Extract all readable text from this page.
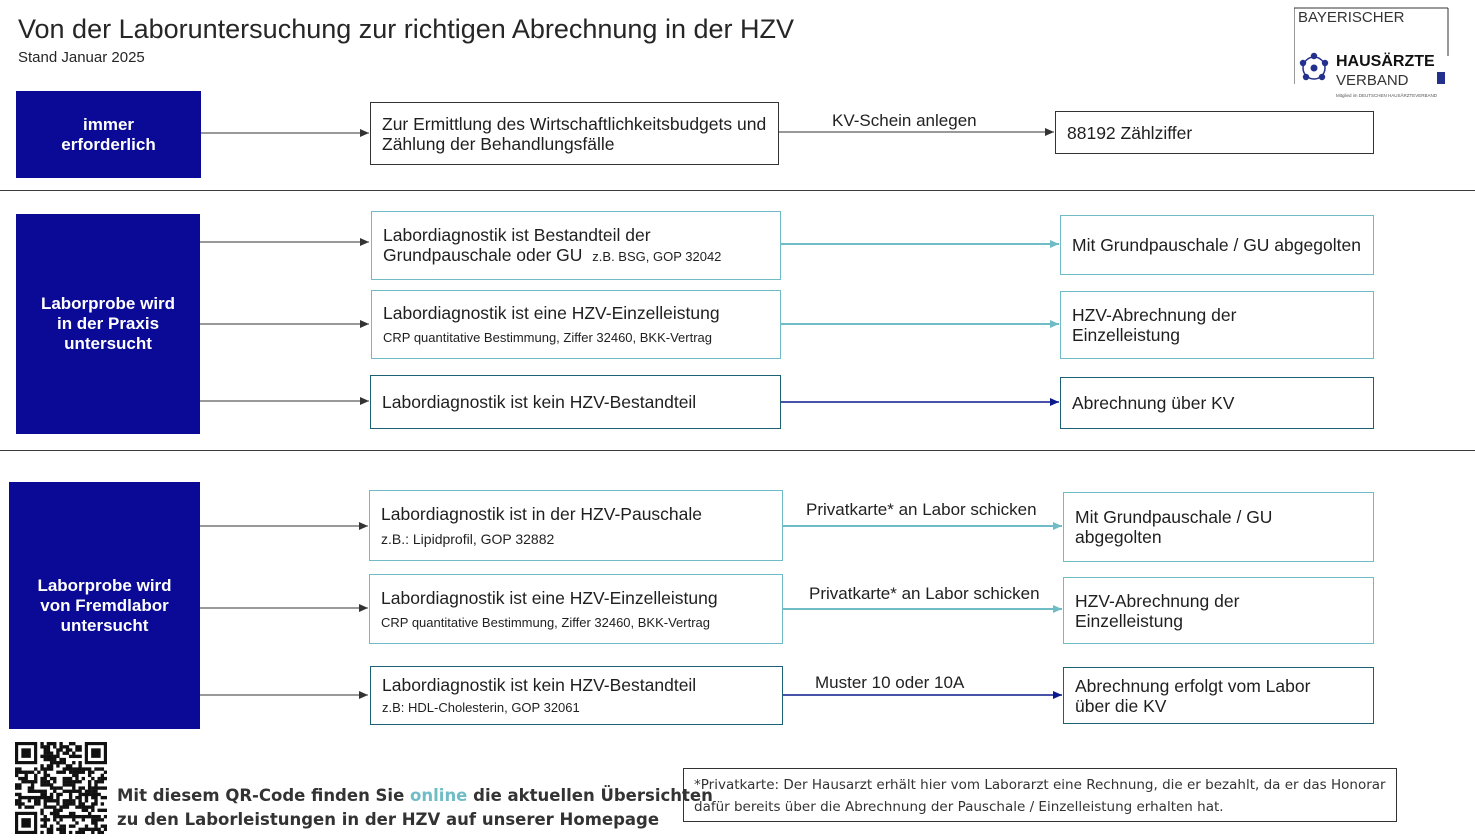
Von der Laboruntersuchung zur richtigen Abrechnung in der HZV
Stand Januar 2025
BAYERISCHER
HAUSÄRZTE
VERBAND
Mitglied im DEUTSCHEN HAUSÄRZTEVERBAND
immer erforderlich
Zur Ermittlung des Wirtschaftlichkeitsbudgets und Zählung der Behandlungsfälle
KV-Schein anlegen
88192 Zählziffer
Laborprobe wird in der Praxis untersucht
Labordiagnostik ist Bestandteil der Grundpauschale oder GU z.B. BSG, GOP 32042
Mit Grundpauschale / GU abgegolten
Labordiagnostik ist eine HZV-Einzelleistung
CRP quantitative Bestimmung, Ziffer 32460, BKK-Vertrag
HZV-Abrechnung der Einzelleistung
Labordiagnostik ist kein HZV-Bestandteil	Abrechnung über KV
Laborprobe wird von Fremdlabor untersucht
Labordiagnostik ist in der HZV-Pauschale
z.B.: Lipidprofil, GOP 32882
Privatkarte* an Labor schicken Mit Grundpauschale / GU abgegolten
Labordiagnostik ist eine HZV-Einzelleistung
CRP quantitative Bestimmung, Ziffer 32460, BKK-Vertrag
Privatkarte* an Labor schicken HZV-Abrechnung der Einzelleistung
Labordiagnostik ist kein HZV-Bestandteil
z.B: HDL-Cholesterin, GOP 32061
Muster 10 oder 10A	Abrechnung erfolgt vom Labor über die KV
Mit diesem QR-Code finden Sie online die aktuellen Übersichten
zu den Laborleistungen in der HZV auf unserer Homepage
*Privatkarte: Der Hausarzt erhält hier vom Laborarzt eine Rechnung, die er bezahlt, da er das Honorar dafür bereits über die Abrechnung der Pauschale / Einzelleistung erhalten hat.
